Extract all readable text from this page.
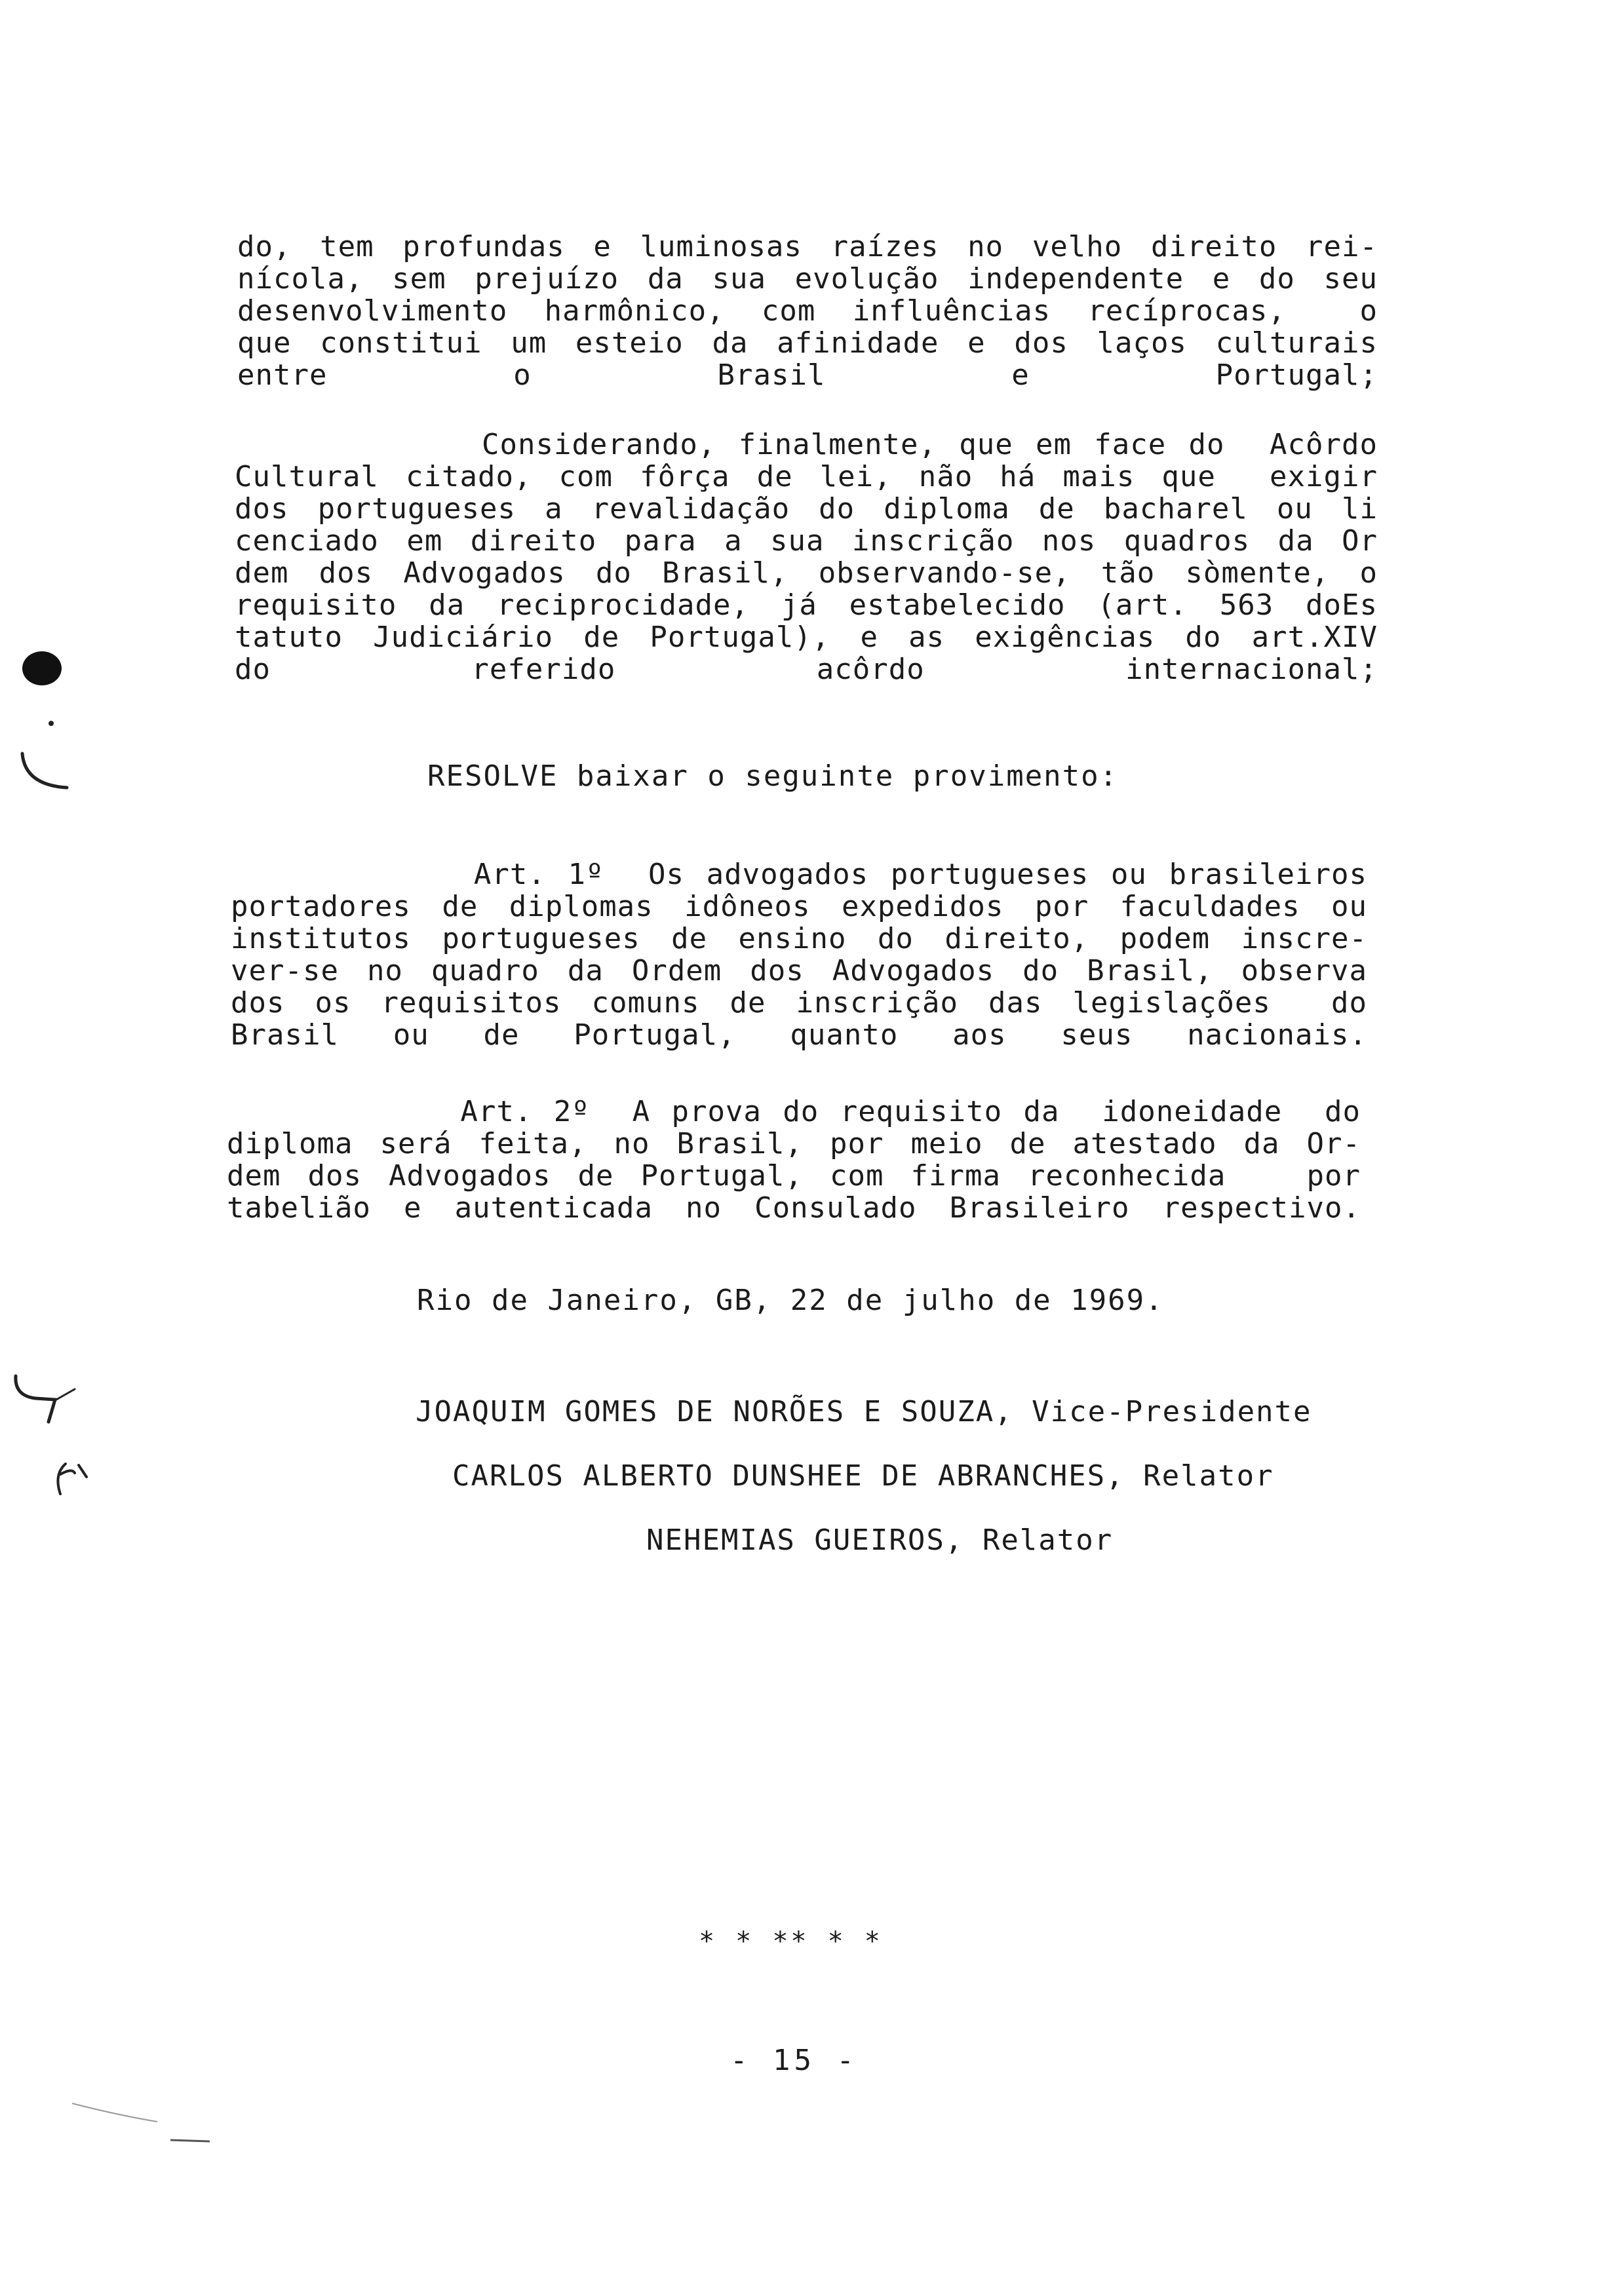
do, tem profundas e luminosas raízes no velho direito rei-
nícola, sem prejuízo da sua evolução independente e do seu
desenvolvimento harmônico, com influências recíprocas,  o
que constitui um esteio da afinidade e dos laços culturais
entre o Brasil e Portugal;
Considerando, finalmente, que em face do  Acôrdo
Cultural citado, com fôrça de lei, não há mais que  exigir
dos portugueses a revalidação do diploma de bacharel ou li
cenciado em direito para a sua inscrição nos quadros da Or
dem dos Advogados do Brasil, observando-se, tão sòmente, o
requisito da reciprocidade, já estabelecido (art. 563 doEs
tatuto Judiciário de Portugal), e as exigências do art.XIV
do referido acôrdo internacional;
RESOLVE baixar o seguinte provimento:
Art. 1º  Os advogados portugueses ou brasileiros
portadores de diplomas idôneos expedidos por faculdades ou
institutos portugueses de ensino do direito, podem inscre-
ver-se no quadro da Ordem dos Advogados do Brasil, observa
dos os requisitos comuns de inscrição das legislações  do
Brasil ou de Portugal, quanto aos seus nacionais.
Art. 2º  A prova do requisito da  idoneidade  do
diploma será feita, no Brasil, por meio de atestado da Or-
dem dos Advogados de Portugal, com firma reconhecida   por
tabelião e autenticada no Consulado Brasileiro respectivo.
Rio de Janeiro, GB, 22 de julho de 1969.
JOAQUIM GOMES DE NORÕES E SOUZA, Vice-Presidente
CARLOS ALBERTO DUNSHEE DE ABRANCHES, Relator
NEHEMIAS GUEIROS, Relator
* * ** * *
- 15 -
